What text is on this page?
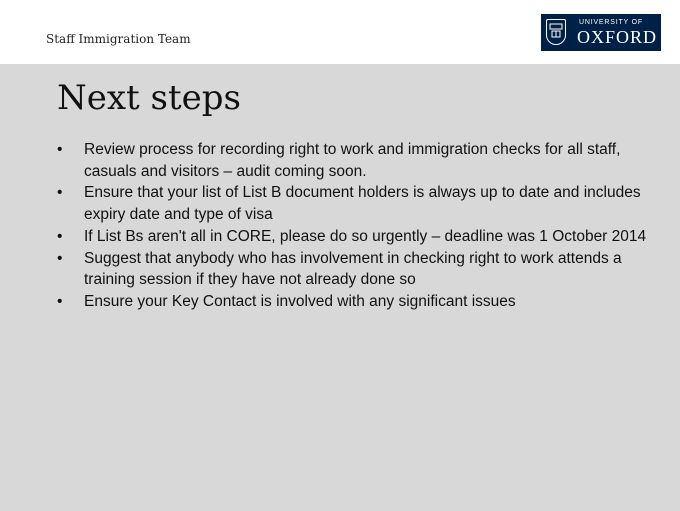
Staff Immigration Team
UNIVERSITY OF
OXFORD
Next steps
• Review process for recording right to work and immigration checks for all staff, casuals and visitors – audit coming soon.
• Ensure that your list of List B document holders is always up to date and includes expiry date and type of visa
• If List Bs aren't all in CORE, please do so urgently – deadline was 1 October 2014
• Suggest that anybody who has involvement in checking right to work attends a training session if they have not already done so
• Ensure your Key Contact is involved with any significant issues
